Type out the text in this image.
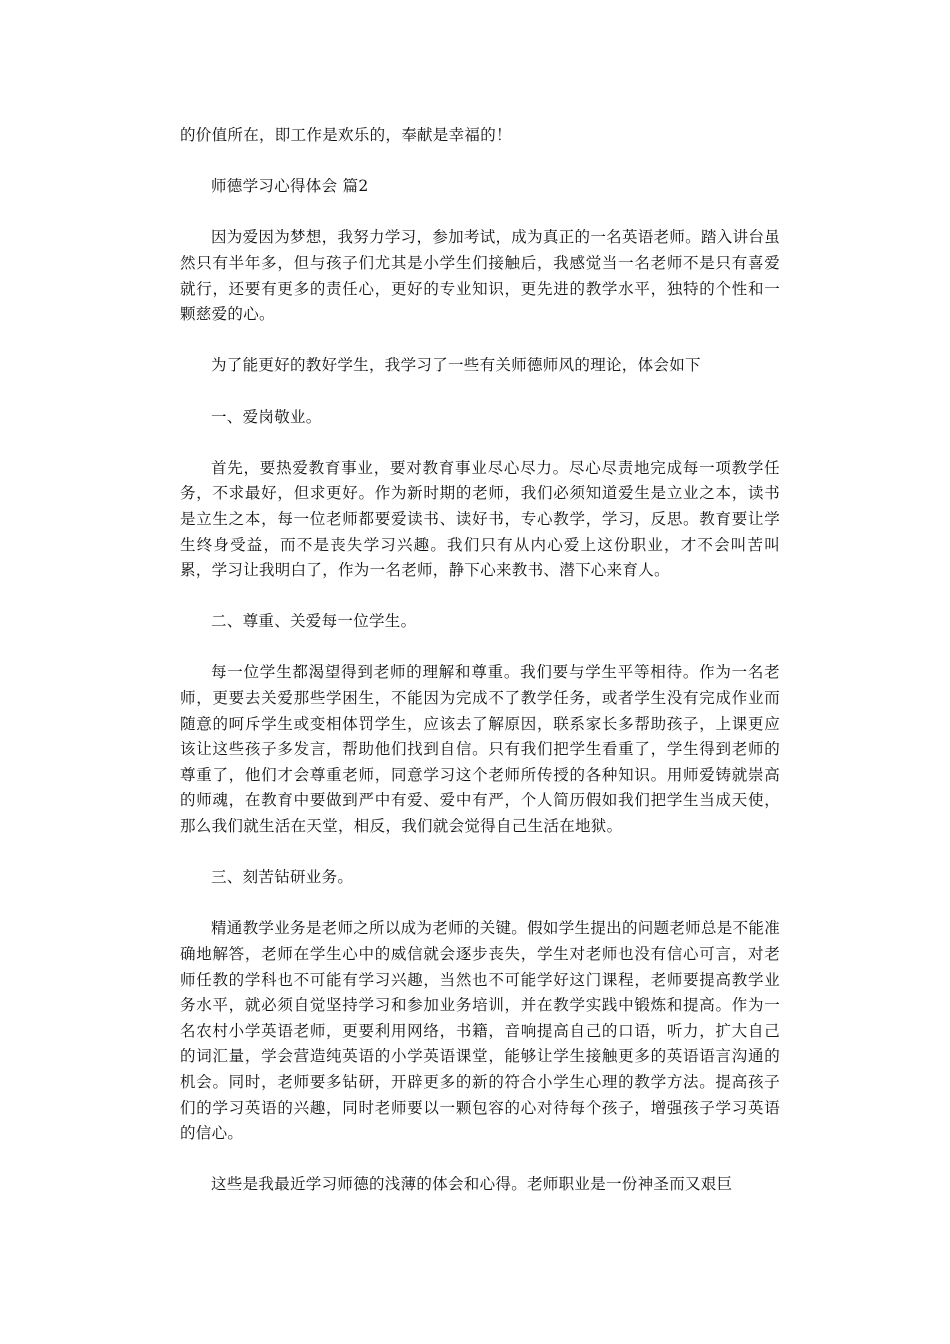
的价值所在，即工作是欢乐的，奉献是幸福的！

师德学习心得体会 篇2

因为爱因为梦想，我努力学习，参加考试，成为真正的一名英语老师。踏入讲台虽然只有半年多，但与孩子们尤其是小学生们接触后，我感觉当一名老师不是只有喜爱就行，还要有更多的责任心，更好的专业知识，更先进的教学水平，独特的个性和一颗慈爱的心。

为了能更好的教好学生，我学习了一些有关师德师风的理论，体会如下

一、爱岗敬业。

首先，要热爱教育事业，要对教育事业尽心尽力。尽心尽责地完成每一项教学任务，不求最好，但求更好。作为新时期的老师，我们必须知道爱生是立业之本，读书是立生之本，每一位老师都要爱读书、读好书，专心教学，学习，反思。教育要让学生终身受益，而不是丧失学习兴趣。我们只有从内心爱上这份职业，才不会叫苦叫累，学习让我明白了，作为一名老师，静下心来教书、潜下心来育人。

二、尊重、关爱每一位学生。

每一位学生都渴望得到老师的理解和尊重。我们要与学生平等相待。作为一名老师，更要去关爱那些学困生，不能因为完成不了教学任务，或者学生没有完成作业而随意的呵斥学生或变相体罚学生，应该去了解原因，联系家长多帮助孩子，上课更应该让这些孩子多发言，帮助他们找到自信。只有我们把学生看重了，学生得到老师的尊重了，他们才会尊重老师，同意学习这个老师所传授的各种知识。用师爱铸就崇高的师魂，在教育中要做到严中有爱、爱中有严，个人简历假如我们把学生当成天使，那么我们就生活在天堂，相反，我们就会觉得自己生活在地狱。

三、刻苦钻研业务。

精通教学业务是老师之所以成为老师的关键。假如学生提出的问题老师总是不能准确地解答，老师在学生心中的威信就会逐步丧失，学生对老师也没有信心可言，对老师任教的学科也不可能有学习兴趣，当然也不可能学好这门课程，老师要提高教学业务水平，就必须自觉坚持学习和参加业务培训，并在教学实践中锻炼和提高。作为一名农村小学英语老师，更要利用网络，书籍，音响提高自己的口语，听力，扩大自己的词汇量，学会营造纯英语的小学英语课堂，能够让学生接触更多的英语语言沟通的机会。同时，老师要多钻研，开辟更多的新的符合小学生心理的教学方法。提高孩子们的学习英语的兴趣，同时老师要以一颗包容的心对待每个孩子，增强孩子学习英语的信心。

这些是我最近学习师德的浅薄的体会和心得。老师职业是一份神圣而又艰巨
